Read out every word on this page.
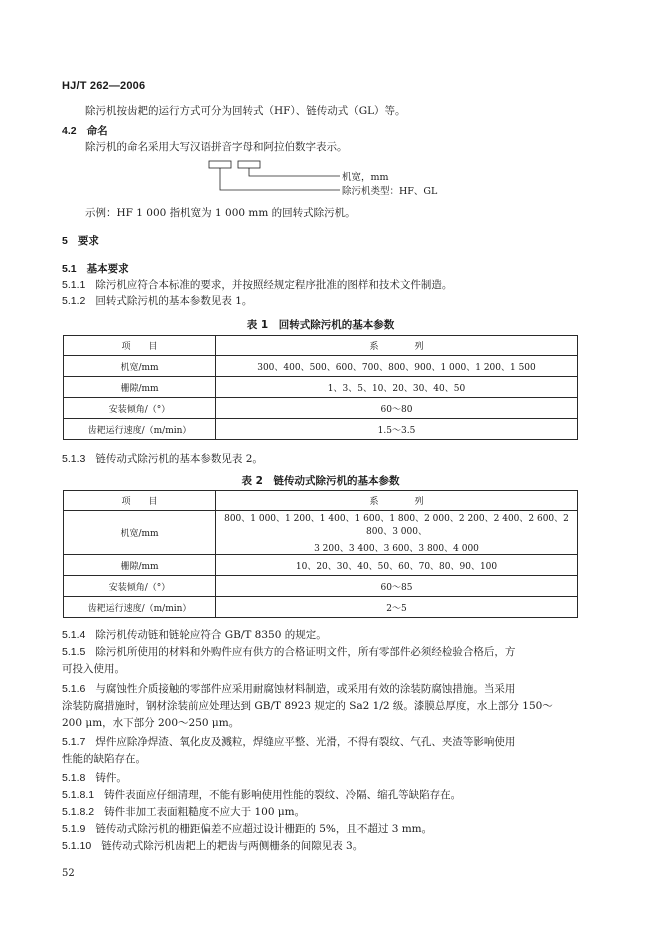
HJ/T 262—2006
除污机按齿耙的运行方式可分为回转式（HF）、链传动式（GL）等。
4.2 命名
除污机的命名采用大写汉语拼音字母和阿拉伯数字表示。
机宽，mm
除污机类型：HF、GL
示例：HF 1 000 指机宽为 1 000 mm 的回转式除污机。
5 要求
5.1 基本要求
5.1.1 除污机应符合本标准的要求，并按照经规定程序批准的图样和技术文件制造。
5.1.2 回转式除污机的基本参数见表 1。
表 1　回转式除污机的基本参数
项　　目	系　　　　列
机宽/mm	300、400、500、600、700、800、900、1 000、1 200、1 500
栅隙/mm	1、3、5、10、20、30、40、50
安装倾角/（°）	60～80
齿耙运行速度/（m/min）	1.5～3.5
5.1.3 链传动式除污机的基本参数见表 2。
表 2　链传动式除污机的基本参数
项　　目	系　　　　列
机宽/mm	800、1 000、1 200、1 400、1 600、1 800、2 000、2 200、2 400、2 600、2 800、3 000、
3 200、3 400、3 600、3 800、4 000

栅隙/mm	10、20、30、40、50、60、70、80、90、100
安装倾角/（°）	60～85
齿耙运行速度/（m/min）	2～5
5.1.4 除污机传动链和链轮应符合 GB/T 8350 的规定。
5.1.5 除污机所使用的材料和外购件应有供方的合格证明文件，所有零部件必须经检验合格后，方
可投入使用。
5.1.6 与腐蚀性介质接触的零部件应采用耐腐蚀材料制造，或采用有效的涂装防腐蚀措施。当采用
涂装防腐措施时，钢材涂装前应处理达到 GB/T 8923 规定的 Sa2 1/2 级。漆膜总厚度，水上部分 150～
200 μm，水下部分 200～250 μm。
5.1.7 焊件应除净焊渣、氧化皮及溅粒，焊缝应平整、光滑，不得有裂纹、气孔、夹渣等影响使用
性能的缺陷存在。
5.1.8 铸件。
5.1.8.1 铸件表面应仔细清理，不能有影响使用性能的裂纹、冷隔、缩孔等缺陷存在。
5.1.8.2 铸件非加工表面粗糙度不应大于 100 μm。
5.1.9 链传动式除污机的栅距偏差不应超过设计栅距的 5%，且不超过 3 mm。
5.1.10 链传动式除污机齿耙上的耙齿与两侧栅条的间隙见表 3。
52
